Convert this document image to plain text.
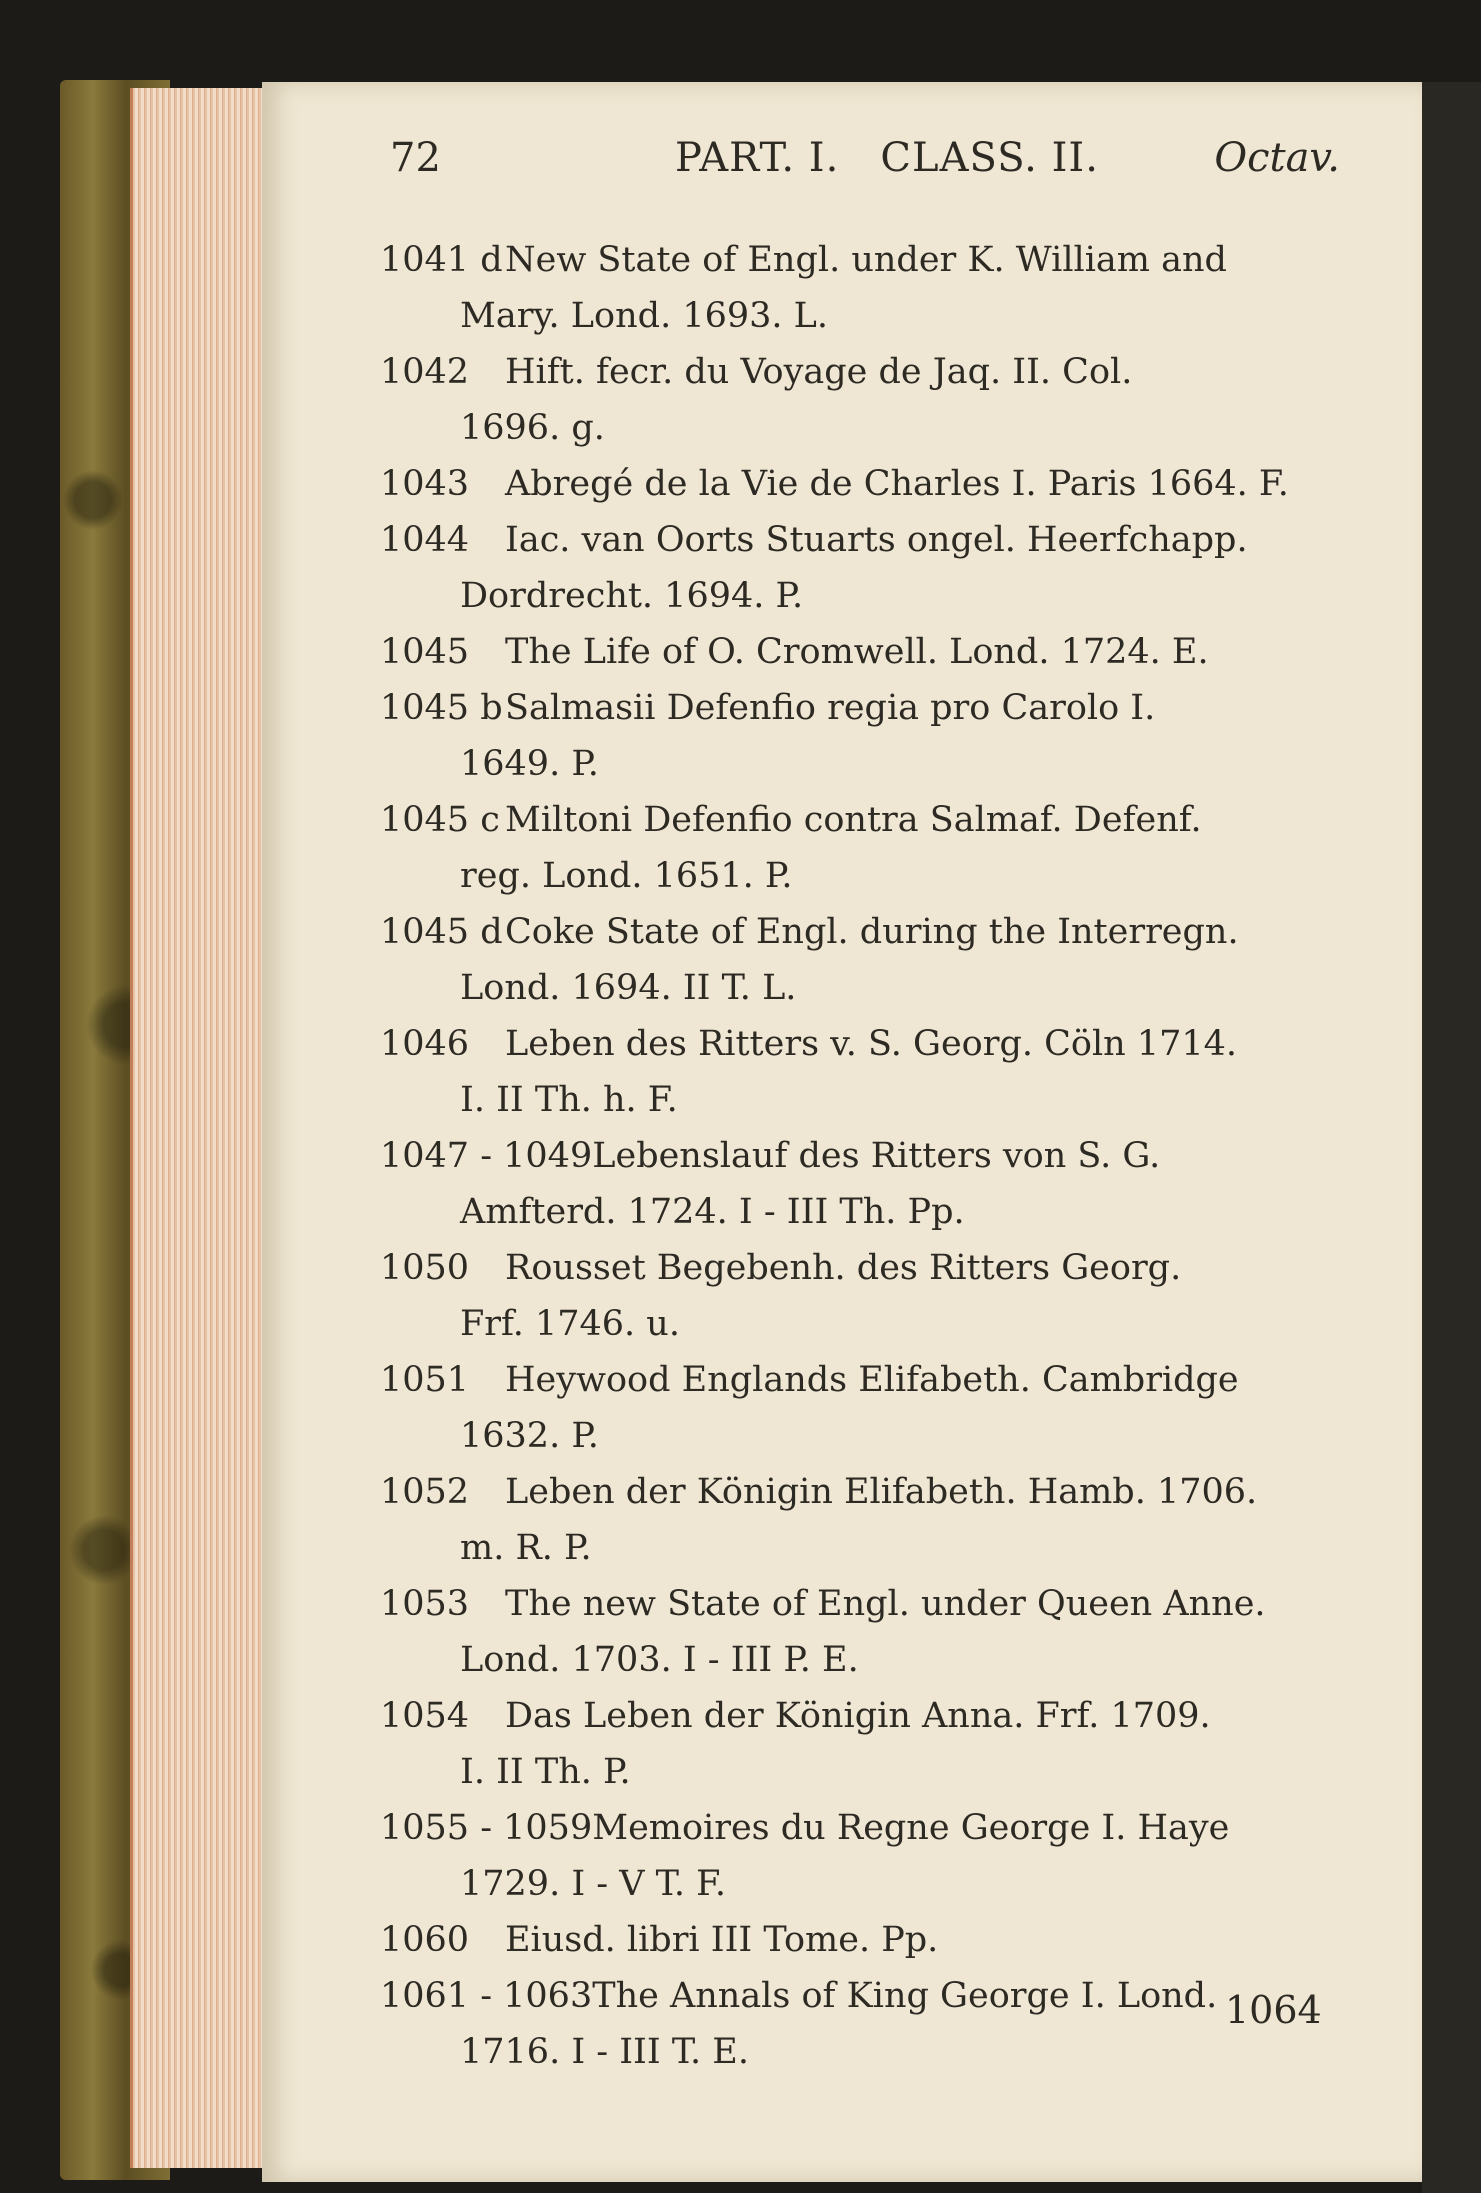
72	PART. I.   CLASS. II.	Octav.
1041 dNew State of Engl. under K. William and
Mary. Lond. 1693. L.
1042 Hift. fecr. du Voyage de Jaq. II. Col.
1696. g.
1043 Abregé de la Vie de Charles I. Paris 1664. F.
1044 Iac. van Oorts Stuarts ongel. Heerfchapp.
Dordrecht. 1694. P.
1045 The Life of O. Cromwell. Lond. 1724. E.
1045 bSalmasii Defenfio regia pro Carolo I.
1649. P.
1045 c Miltoni Defenfio contra Salmaf. Defenf.
reg. Lond. 1651. P.
1045 dCoke State of Engl. during the Interregn.
Lond. 1694. II T. L.
1046 Leben des Ritters v. S. Georg. Cöln 1714.
I. II Th. h. F.
1047 - 1049Lebenslauf des Ritters von S. G.
Amfterd. 1724. I - III Th. Pp.
1050 Rousset Begebenh. des Ritters Georg.
Frf. 1746. u.
1051 Heywood Englands Elifabeth. Cambridge
1632. P.
1052 Leben der Königin Elifabeth. Hamb. 1706.
m. R. P.
1053 The new State of Engl. under Queen Anne.
Lond. 1703. I - III P. E.
1054 Das Leben der Königin Anna. Frf. 1709.
I. II Th. P.
1055 - 1059Memoires du Regne George I. Haye
1729. I - V T. F.
1060 Eiusd. libri III Tome. Pp.
1061 - 1063The Annals of King George I. Lond.
1716. I - III T. E.
1064
